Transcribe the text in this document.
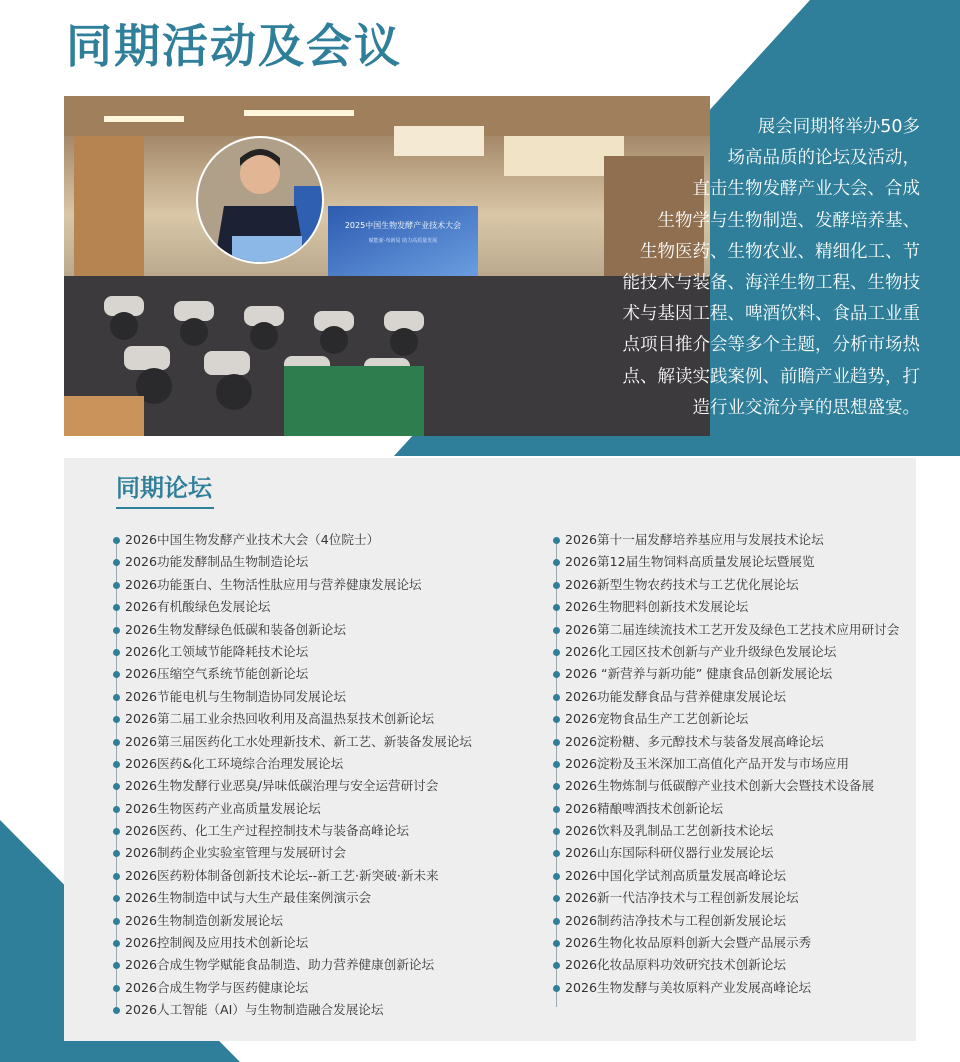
同期活动及会议
2025中国生物发酵产业技术大会
赋能新·布新局 助力高质量发展
展会同期将举办50多
场高品质的论坛及活动，
直击生物发酵产业大会、合成
生物学与生物制造、发酵培养基、
生物医药、生物农业、精细化工、节
能技术与装备、海洋生物工程、生物技
术与基因工程、啤酒饮料、食品工业重
点项目推介会等多个主题，分析市场热
点、解读实践案例、前瞻产业趋势，打
造行业交流分享的思想盛宴。
同期论坛
2026中国生物发酵产业技术大会（4位院士）
2026功能发酵制品生物制造论坛
2026功能蛋白、生物活性肽应用与营养健康发展论坛
2026有机酸绿色发展论坛
2026生物发酵绿色低碳和装备创新论坛
2026化工领域节能降耗技术论坛
2026压缩空气系统节能创新论坛
2026节能电机与生物制造协同发展论坛
2026第二届工业余热回收利用及高温热泵技术创新论坛
2026第三届医药化工水处理新技术、新工艺、新装备发展论坛
2026医药&化工环境综合治理发展论坛
2026生物发酵行业恶臭/异味低碳治理与安全运营研讨会
2026生物医药产业高质量发展论坛
2026医药、化工生产过程控制技术与装备高峰论坛
2026制药企业实验室管理与发展研讨会
2026医药粉体制备创新技术论坛--新工艺·新突破·新未来
2026生物制造中试与大生产最佳案例演示会
2026生物制造创新发展论坛
2026控制阀及应用技术创新论坛
2026合成生物学赋能食品制造、助力营养健康创新论坛
2026合成生物学与医药健康论坛
2026人工智能（AI）与生物制造融合发展论坛
2026第十一届发酵培养基应用与发展技术论坛
2026第12届生物饲料高质量发展论坛暨展览
2026新型生物农药技术与工艺优化展论坛
2026生物肥料创新技术发展论坛
2026第二届连续流技术工艺开发及绿色工艺技术应用研讨会
2026化工园区技术创新与产业升级绿色发展论坛
2026 “新营养与新功能” 健康食品创新发展论坛
2026功能发酵食品与营养健康发展论坛
2026宠物食品生产工艺创新论坛
2026淀粉糖、多元醇技术与装备发展高峰论坛
2026淀粉及玉米深加工高值化产品开发与市场应用
2026生物炼制与低碳醇产业技术创新大会暨技术设备展
2026精酿啤酒技术创新论坛
2026饮料及乳制品工艺创新技术论坛
2026山东国际科研仪器行业发展论坛
2026中国化学试剂高质量发展高峰论坛
2026新一代洁净技术与工程创新发展论坛
2026制药洁净技术与工程创新发展论坛
2026生物化妆品原料创新大会暨产品展示秀
2026化妆品原料功效研究技术创新论坛
2026生物发酵与美妆原料产业发展高峰论坛
